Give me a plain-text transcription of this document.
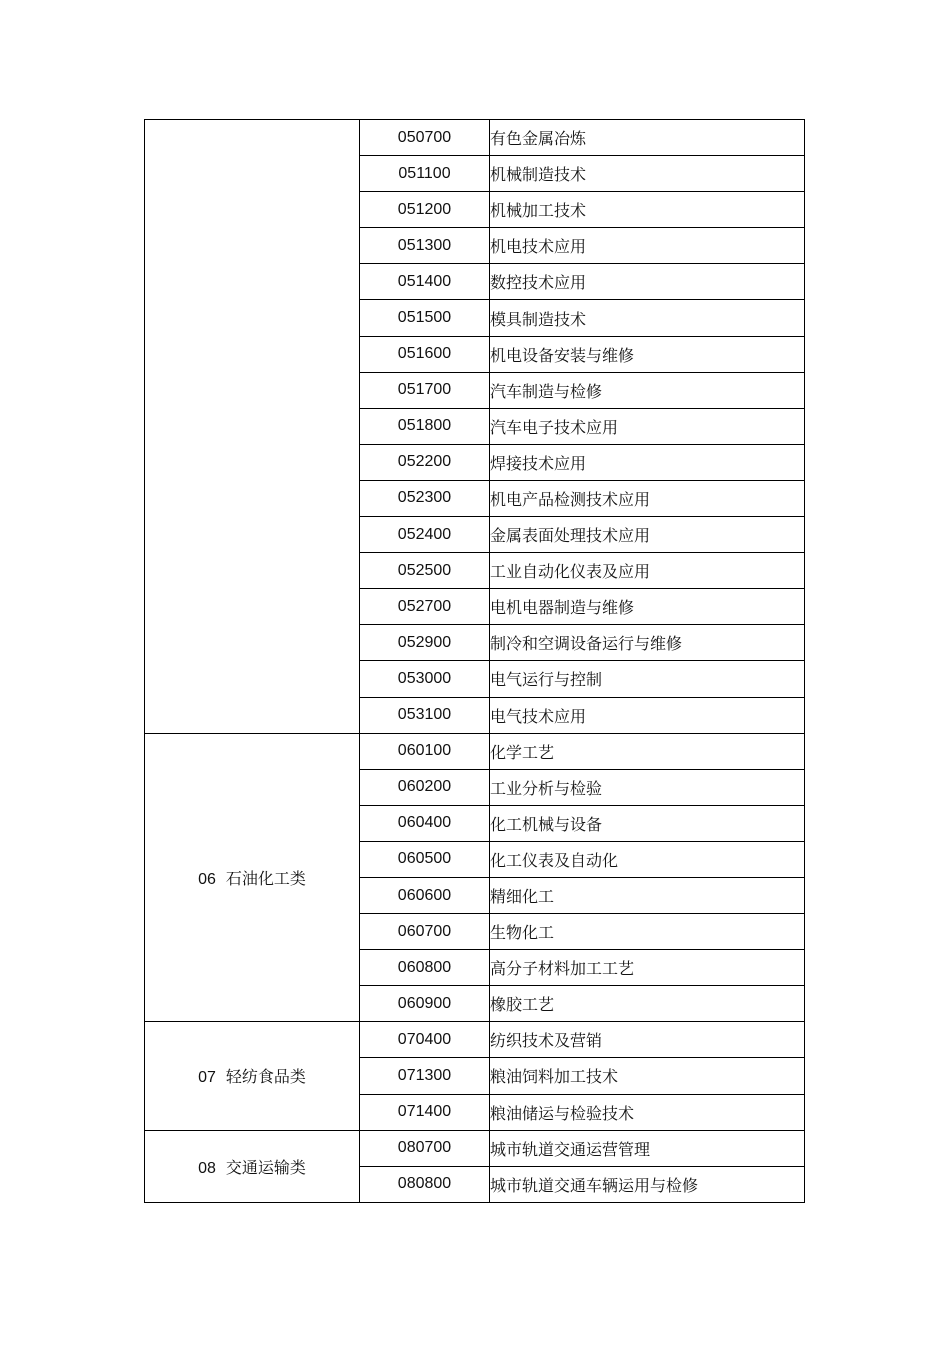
	050700	有色金属冶炼
	051100	机械制造技术
	051200	机械加工技术
	051300	机电技术应用
	051400	数控技术应用
	051500	模具制造技术
	051600	机电设备安装与维修
	051700	汽车制造与检修
	051800	汽车电子技术应用
	052200	焊接技术应用
	052300	机电产品检测技术应用
	052400	金属表面处理技术应用
	052500	工业自动化仪表及应用
	052700	电机电器制造与维修
	052900	制冷和空调设备运行与维修
	053000	电气运行与控制
	053100	电气技术应用
06 石油化工类	060100	化学工艺
	060200	工业分析与检验
	060400	化工机械与设备
	060500	化工仪表及自动化
	060600	精细化工
	060700	生物化工
	060800	高分子材料加工工艺
	060900	橡胶工艺
07 轻纺食品类	070400	纺织技术及营销
	071300	粮油饲料加工技术
	071400	粮油储运与检验技术
08 交通运输类	080700	城市轨道交通运营管理
	080800	城市轨道交通车辆运用与检修
